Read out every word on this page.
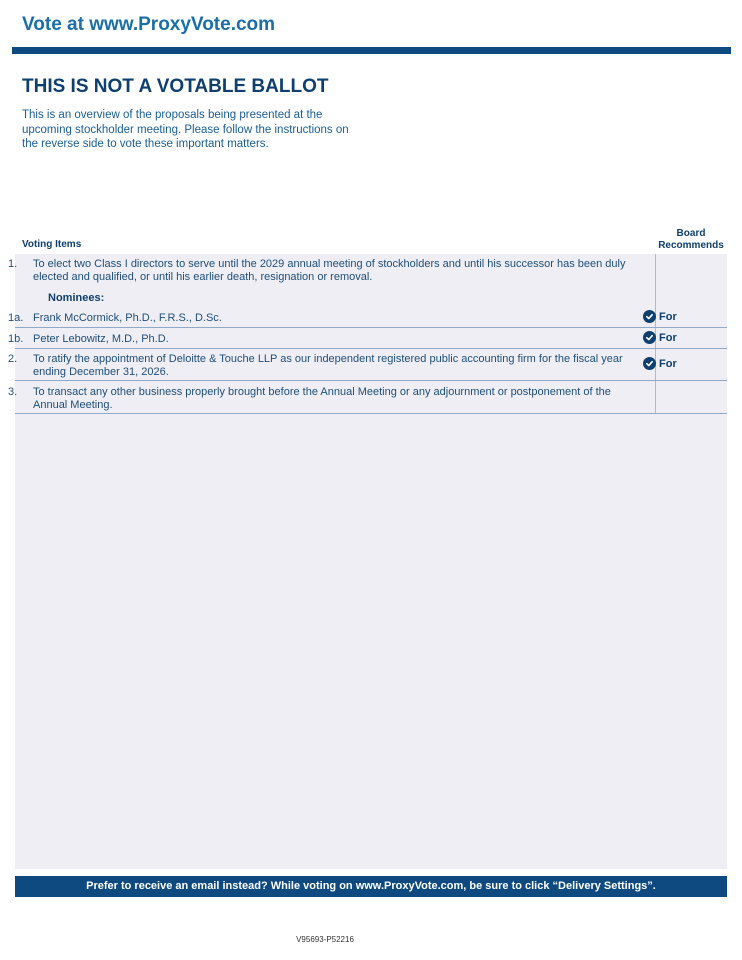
Vote at www.ProxyVote.com
THIS IS NOT A VOTABLE BALLOT
This is an overview of the proposals being presented at the upcoming stockholder meeting. Please follow the instructions on the reverse side to vote these important matters.
Voting Items
Board Recommends
1. To elect two Class I directors to serve until the 2029 annual meeting of stockholders and until his successor has been duly elected and qualified, or until his earlier death, resignation or removal.
Nominees:
1a. Frank McCormick, Ph.D., F.R.S., D.Sc.	For
1b. Peter Lebowitz, M.D., Ph.D.	For
2. To ratify the appointment of Deloitte & Touche LLP as our independent registered public accounting firm for the fiscal year ending December 31, 2026.
For
3. To transact any other business properly brought before the Annual Meeting or any adjournment or postponement of the Annual Meeting.
Prefer to receive an email instead? While voting on www.ProxyVote.com, be sure to click “Delivery Settings”.
V95693-P52216
